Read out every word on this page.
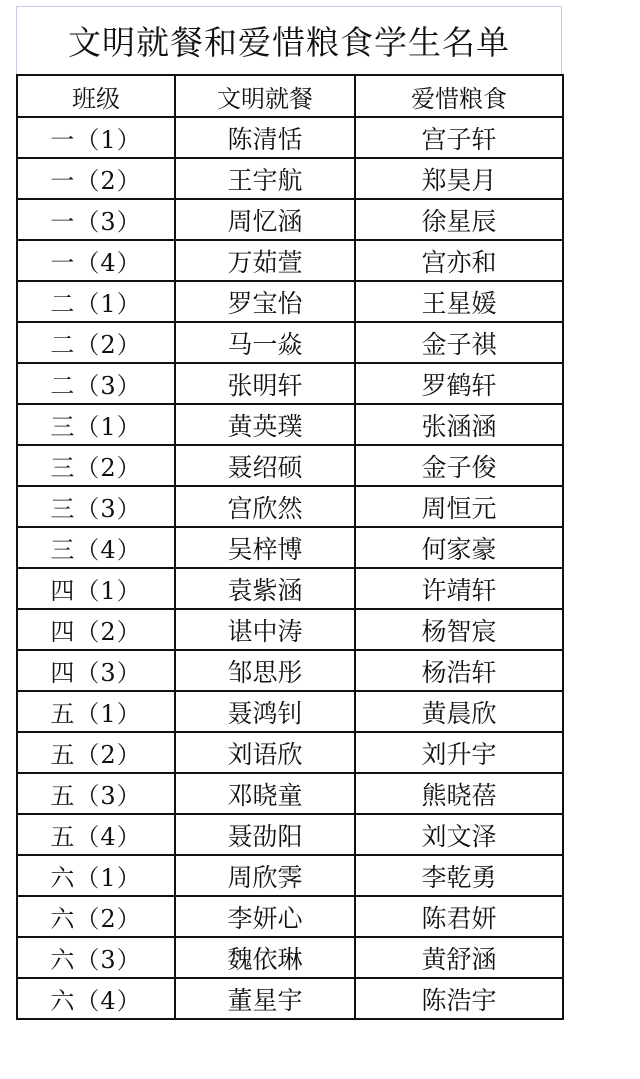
文明就餐和爱惜粮食学生名单
班级	文明就餐	爱惜粮食
一（1）	陈清恬	宫子轩
一（2）	王宇航	郑昊月
一（3）	周忆涵	徐星辰
一（4）	万茹萱	宫亦和
二（1）	罗宝怡	王星媛
二（2）	马一焱	金子祺
二（3）	张明轩	罗鹤轩
三（1）	黄英璞	张涵涵
三（2）	聂绍硕	金子俊
三（3）	宫欣然	周恒元
三（4）	吴梓博	何家豪
四（1）	袁紫涵	许靖轩
四（2）	谌中涛	杨智宸
四（3）	邹思彤	杨浩轩
五（1）	聂鸿钊	黄晨欣
五（2）	刘语欣	刘升宇
五（3）	邓晓童	熊晓蓓
五（4）	聂劭阳	刘文泽
六（1）	周欣霁	李乾勇
六（2）	李妍心	陈君妍
六（3）	魏依琳	黄舒涵
六（4）	董星宇	陈浩宇
